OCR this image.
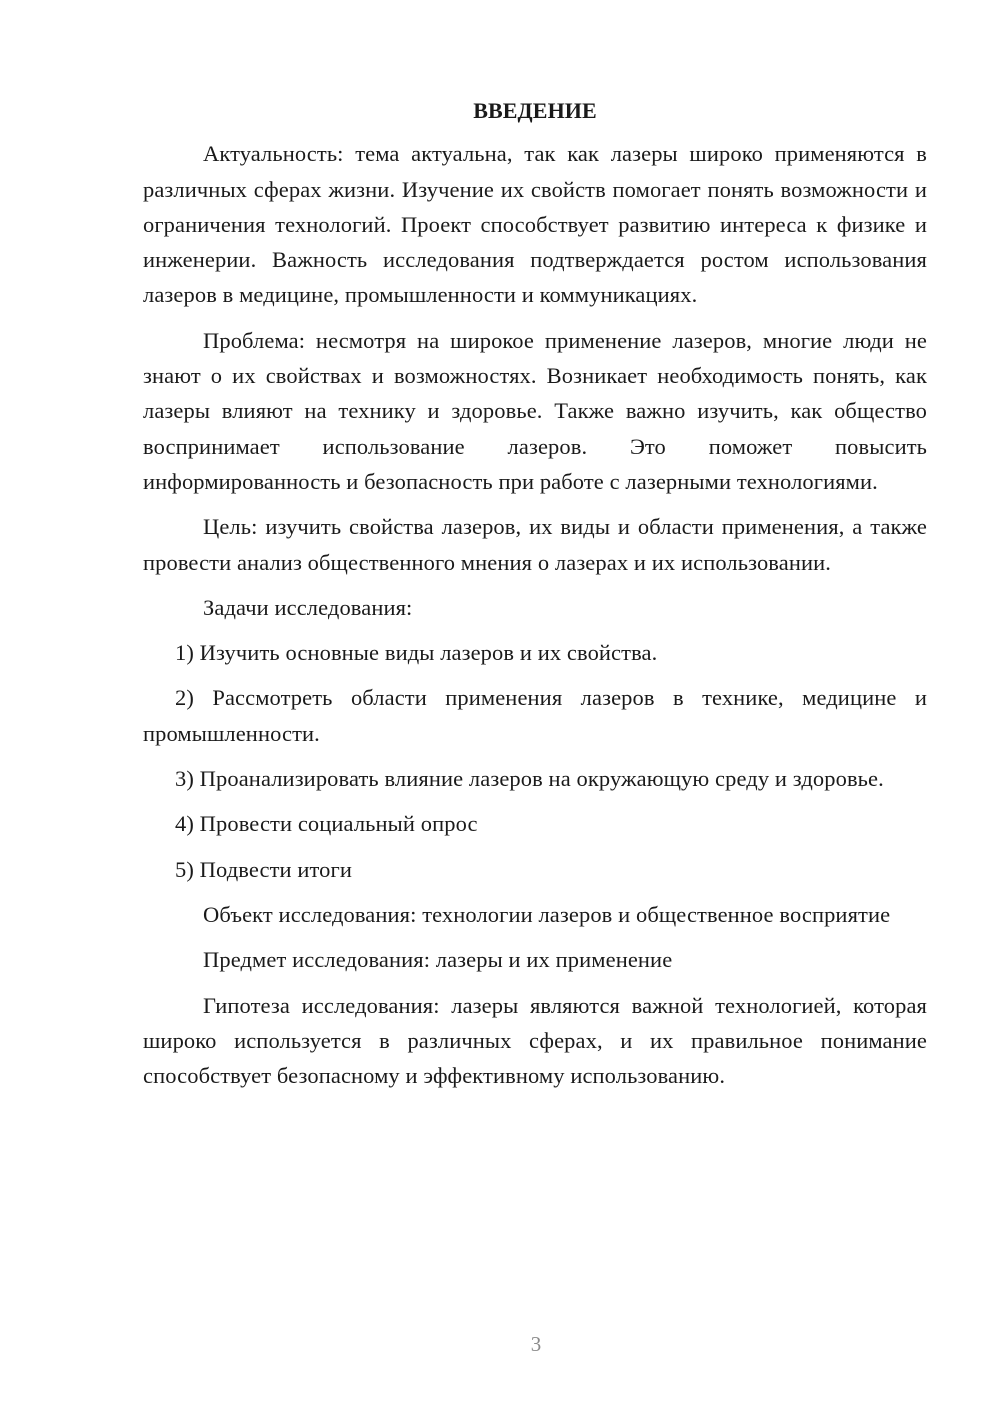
ВВЕДЕНИЕ

Актуальность: тема актуальна, так как лазеры широко применяются в различных сферах жизни. Изучение их свойств помогает понять возможности и ограничения технологий. Проект способствует развитию интереса к физике и инженерии. Важность исследования подтверждается ростом использования лазеров в медицине, промышленности и коммуникациях.

Проблема: несмотря на широкое применение лазеров, многие люди не знают о их свойствах и возможностях. Возникает необходимость понять, как лазеры влияют на технику и здоровье. Также важно изучить, как общество воспринимает использование лазеров. Это поможет повысить информированность и безопасность при работе с лазерными технологиями.

Цель: изучить свойства лазеров, их виды и области применения, а также провести анализ общественного мнения о лазерах и их использовании.

Задачи исследования:

1) Изучить основные виды лазеров и их свойства.

2) Рассмотреть области применения лазеров в технике, медицине и промышленности.

3) Проанализировать влияние лазеров на окружающую среду и здоровье.

4) Провести социальный опрос

5) Подвести итоги

Объект исследования: технологии лазеров и общественное восприятие

Предмет исследования: лазеры и их применение

Гипотеза исследования: лазеры являются важной технологией, которая широко используется в различных сферах, и их правильное понимание способствует безопасному и эффективному использованию.

3
